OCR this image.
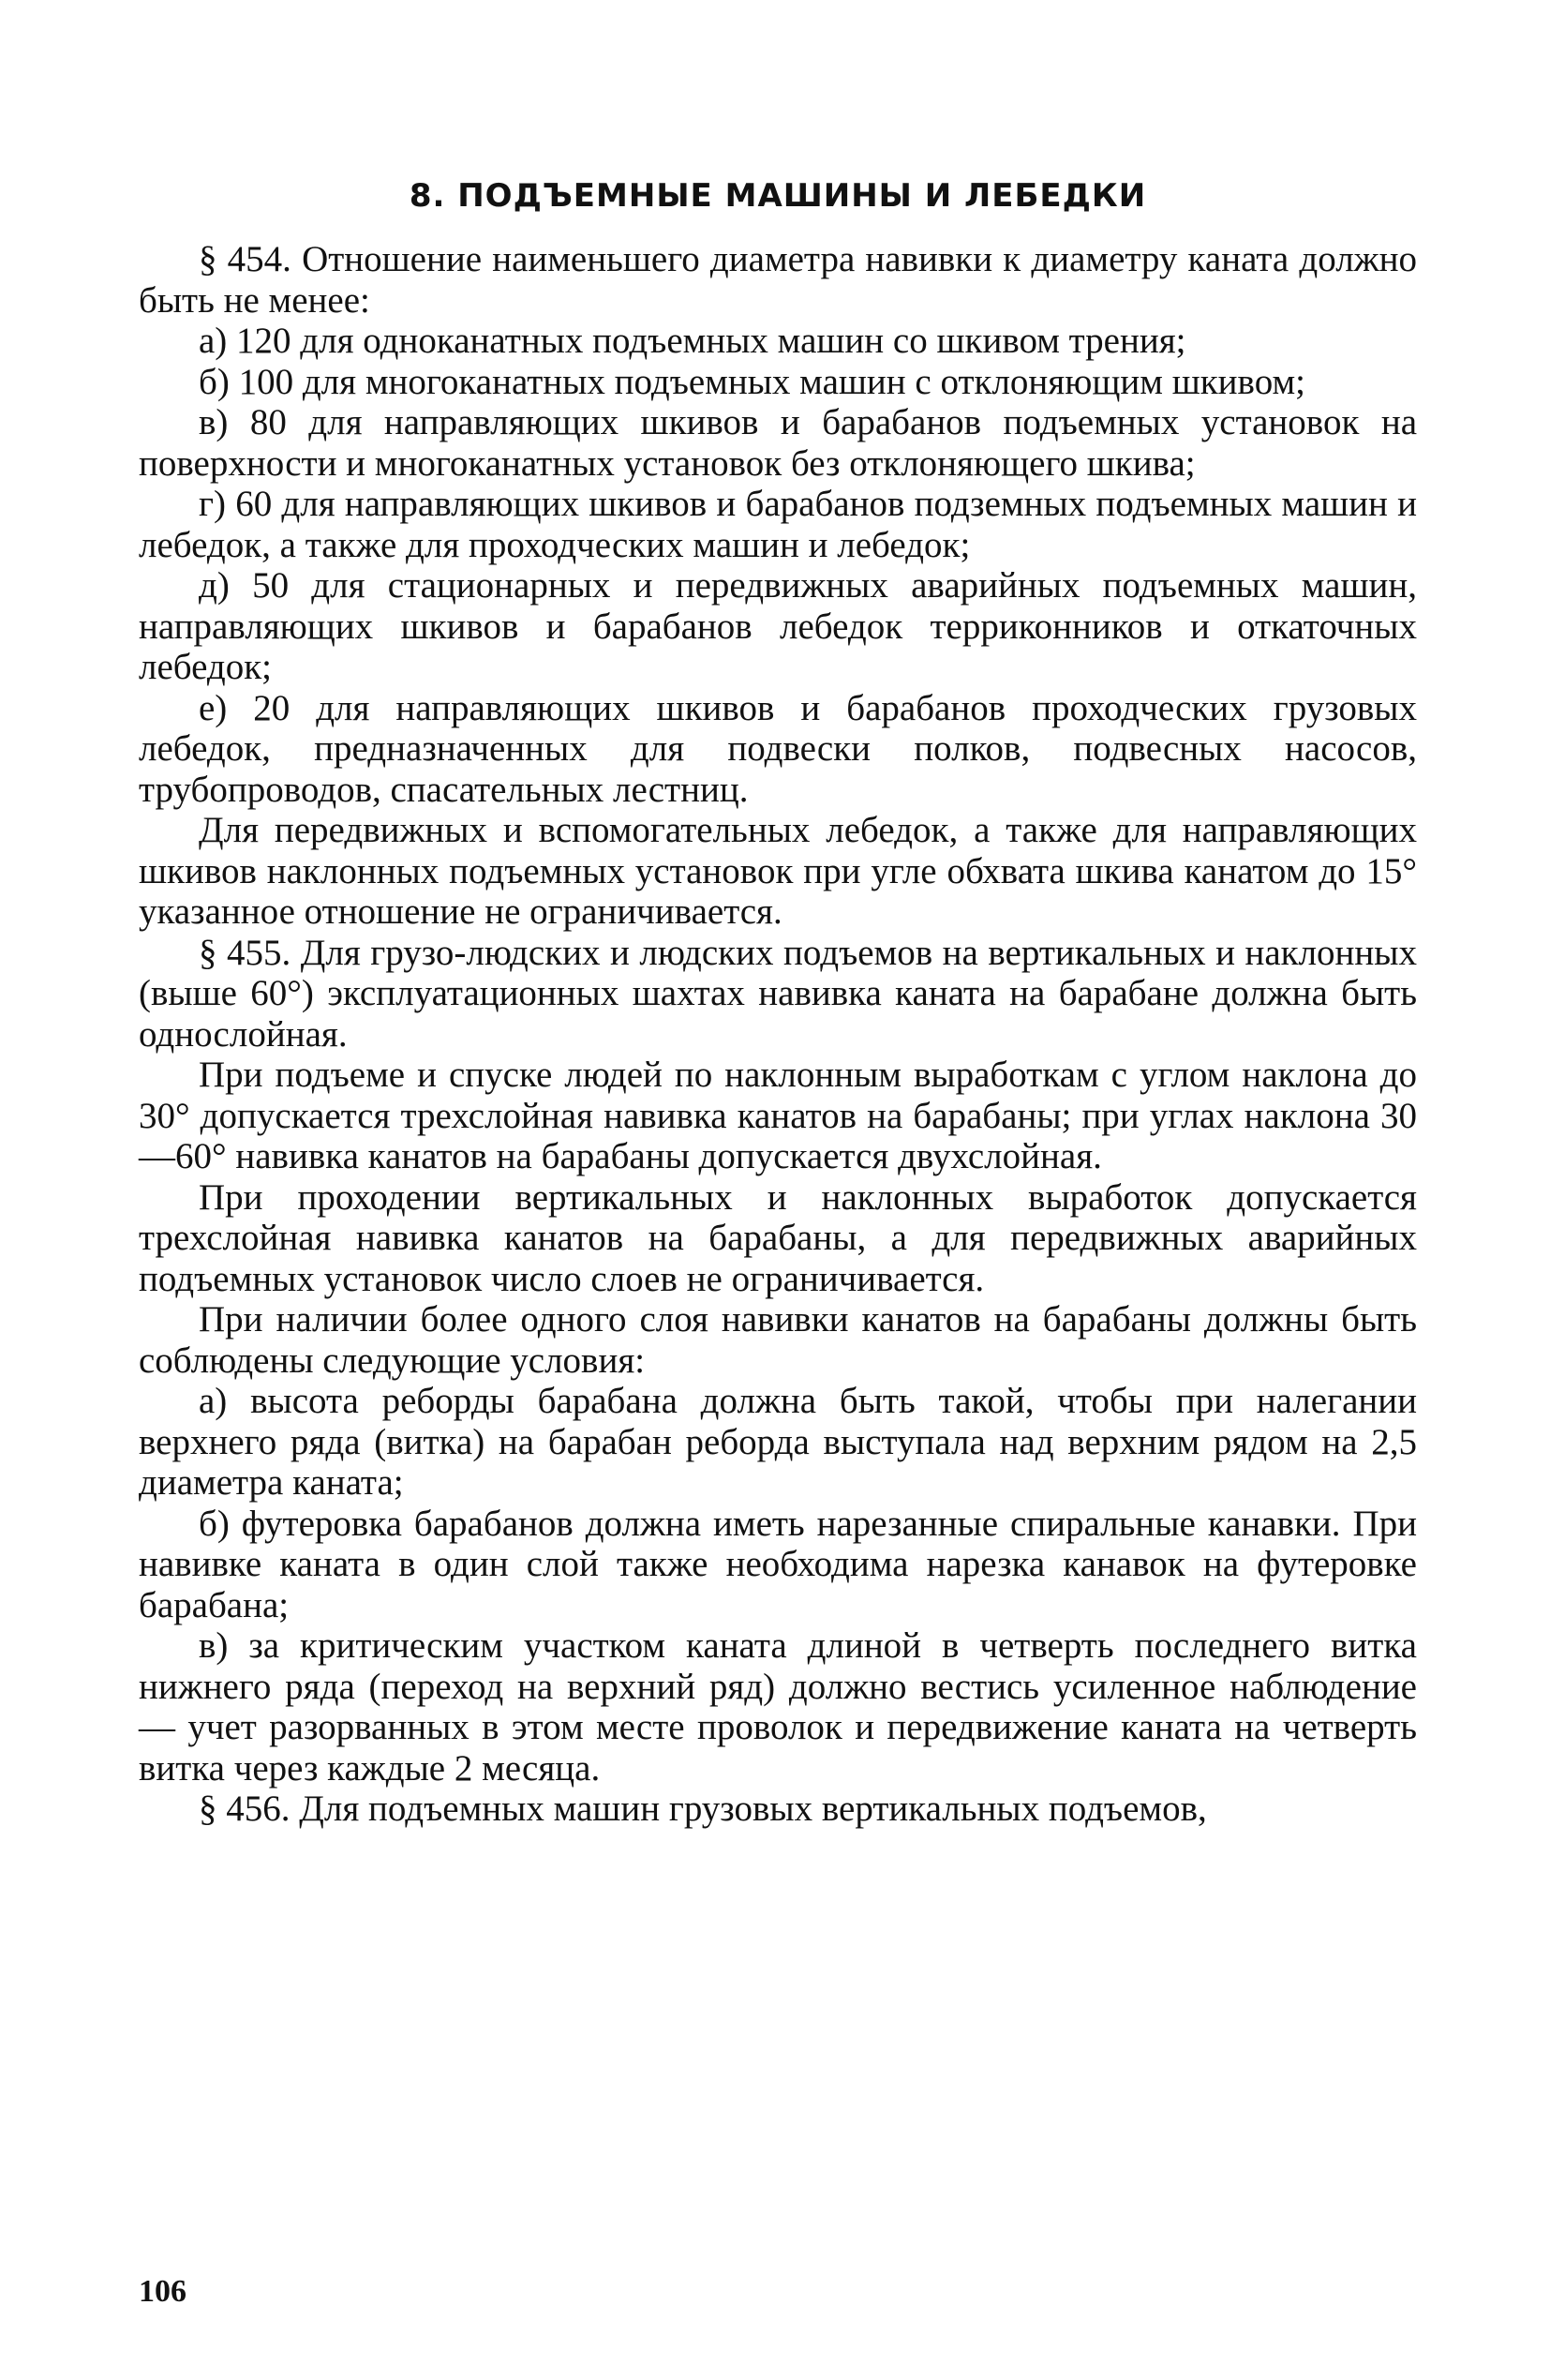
8. ПОДЪЕМНЫЕ МАШИНЫ И ЛЕБЕДКИ

§ 454. Отношение наименьшего диаметра навивки к диаметру каната должно быть не менее:

а) 120 для одноканатных подъемных машин со шкивом трения;

б) 100 для многоканатных подъемных машин с отклоняющим шкивом;

в) 80 для направляющих шкивов и барабанов подъемных установок на поверхности и многоканатных установок без отклоняющего шкива;

г) 60 для направляющих шкивов и барабанов подземных подъемных машин и лебедок, а также для проходческих машин и лебедок;

д) 50 для стационарных и передвижных аварийных подъемных машин, направляющих шкивов и барабанов лебедок терриконников и откаточных лебедок;

е) 20 для направляющих шкивов и барабанов проходческих грузовых лебедок, предназначенных для подвески полков, подвесных насосов, трубопроводов, спасательных лестниц.

Для передвижных и вспомогательных лебедок, а также для направляющих шкивов наклонных подъемных установок при угле обхвата шкива канатом до 15° указанное отношение не ограничивается.

§ 455. Для грузо-людских и людских подъемов на вертикальных и наклонных (выше 60°) эксплуатационных шахтах навивка каната на барабане должна быть однослойная.

При подъеме и спуске людей по наклонным выработкам с углом наклона до 30° допускается трехслойная навивка канатов на барабаны; при углах наклона 30—60° навивка канатов на барабаны допускается двухслойная.

При проходении вертикальных и наклонных выработок допускается трехслойная навивка канатов на барабаны, а для передвижных аварийных подъемных установок число слоев не ограничивается.

При наличии более одного слоя навивки канатов на барабаны должны быть соблюдены следующие условия:

а) высота реборды барабана должна быть такой, чтобы при налегании верхнего ряда (витка) на барабан реборда выступала над верхним рядом на 2,5 диаметра каната;

б) футеровка барабанов должна иметь нарезанные спиральные канавки. При навивке каната в один слой также необходима нарезка канавок на футеровке барабана;

в) за критическим участком каната длиной в четверть последнего витка нижнего ряда (переход на верхний ряд) должно вестись усиленное наблюдение — учет разорванных в этом месте проволок и передвижение каната на четверть витка через каждые 2 месяца.

§ 456. Для подъемных машин грузовых вертикальных подъемов,

106
